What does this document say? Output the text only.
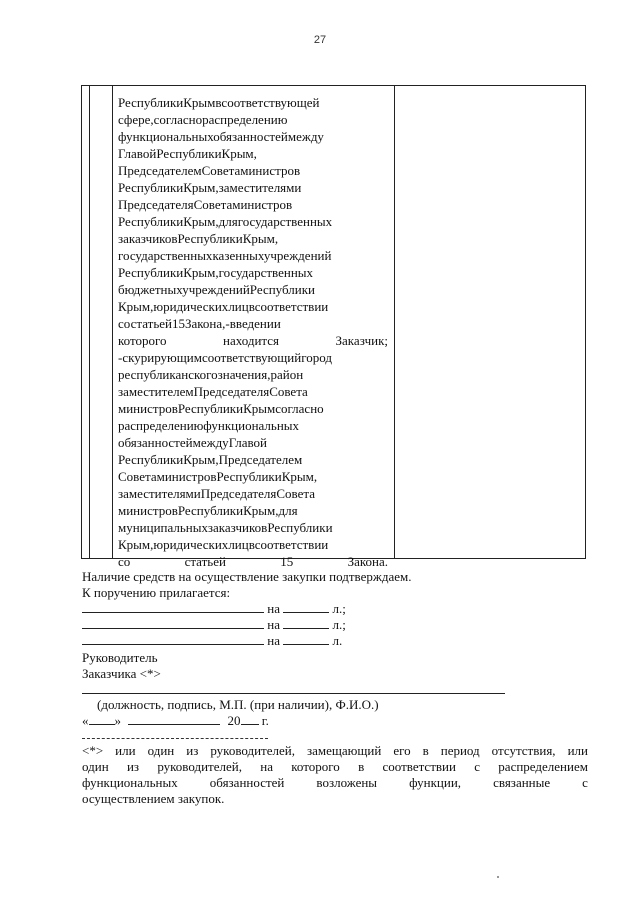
27
РеспубликиКрымвсоответствующей
сфере,согласнораспределению
функциональныхобязанностеймежду
ГлавойРеспубликиКрым,
ПредседателемСоветаминистров
РеспубликиКрым,заместителями
ПредседателяСоветаминистров
РеспубликиКрым,длягосударственных
заказчиковРеспубликиКрым,
государственныхказенныхучреждений
РеспубликиКрым,государственных
бюджетныхучрежденийРеспублики
Крым,юридическихлицвсоответствии
состатьей15Закона,-введении
которого находится Заказчик;
-скурирующимсоответствующийгород
республиканскогозначения,район
заместителемПредседателяСовета
министровРеспубликиКрымсогласно
распределениюфункциональных
обязанностеймеждуГлавой
РеспубликиКрым,Председателем
СоветаминистровРеспубликиКрым,
заместителямиПредседателяСовета
министровРеспубликиКрым,для
муниципальныхзаказчиковРеспублики
Крым,юридическихлицвсоответствии
со статьей 15 Закона.
Наличие средств на осуществление закупки подтверждаем.
К поручению прилагается:
на	л.;
на	л.;
на	л.
Руководитель
Заказчика <*>
(должность, подпись, М.П. (при наличии), Ф.И.О.)
« »	20 г.
<*> или один из руководителей, замещающий его в период отсутствия, или
один из руководителей, на которого в соответствии с распределением
функциональных обязанностей возложены функции, связанные с
осуществлением закупок.
